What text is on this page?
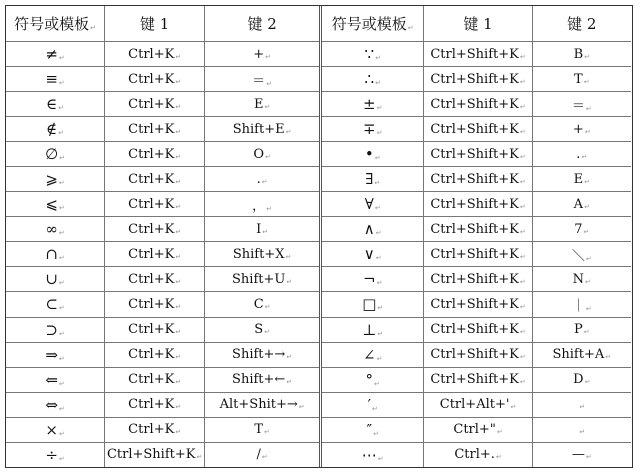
符号或模板↵	键 1	键 2
≠↵	Ctrl+K↵	+↵
≡↵	Ctrl+K↵	＝↵
∈↵	Ctrl+K↵	E↵
∉↵	Ctrl+K↵	Shift+E↵
∅↵	Ctrl+K↵	O↵
⩾↵	Ctrl+K↵	.↵
⩽↵	Ctrl+K↵	，↵
∞↵	Ctrl+K↵	I↵
∩↵	Ctrl+K↵	Shift+X↵
∪↵	Ctrl+K↵	Shift+U↵
⊂↵	Ctrl+K↵	C↵
⊃↵	Ctrl+K↵	S↵
⇒↵	Ctrl+K↵	Shift+→↵
⇐↵	Ctrl+K↵	Shift+←↵
⇔↵	Ctrl+K↵	Alt+Shit+→↵
×↵	Ctrl+K↵	T↵
÷↵	Ctrl+Shift+K↵	/↵
符号或模板↵	键 1	键 2
∵↵	Ctrl+Shift+K↵	B↵
∴↵	Ctrl+Shift+K↵	T↵
±↵	Ctrl+Shift+K↵	＝↵
∓↵	Ctrl+Shift+K↵	+↵
•↵	Ctrl+Shift+K↵	.↵
∃↵	Ctrl+Shift+K↵	E↵
∀↵	Ctrl+Shift+K↵	A↵
∧↵	Ctrl+Shift+K↵	7↵
∨↵	Ctrl+Shift+K↵	＼↵
¬↵	Ctrl+Shift+K↵	N↵
□↵	Ctrl+Shift+K↵	｜↵
⊥↵	Ctrl+Shift+K↵	P↵
∠↵	Ctrl+Shift+K↵	Shift+A↵
°↵	Ctrl+Shift+K↵	D↵
′↵	Ctrl+Alt+'↵	↵
″↵	Ctrl+"↵	↵
⋯↵	Ctrl+.↵	—↵
